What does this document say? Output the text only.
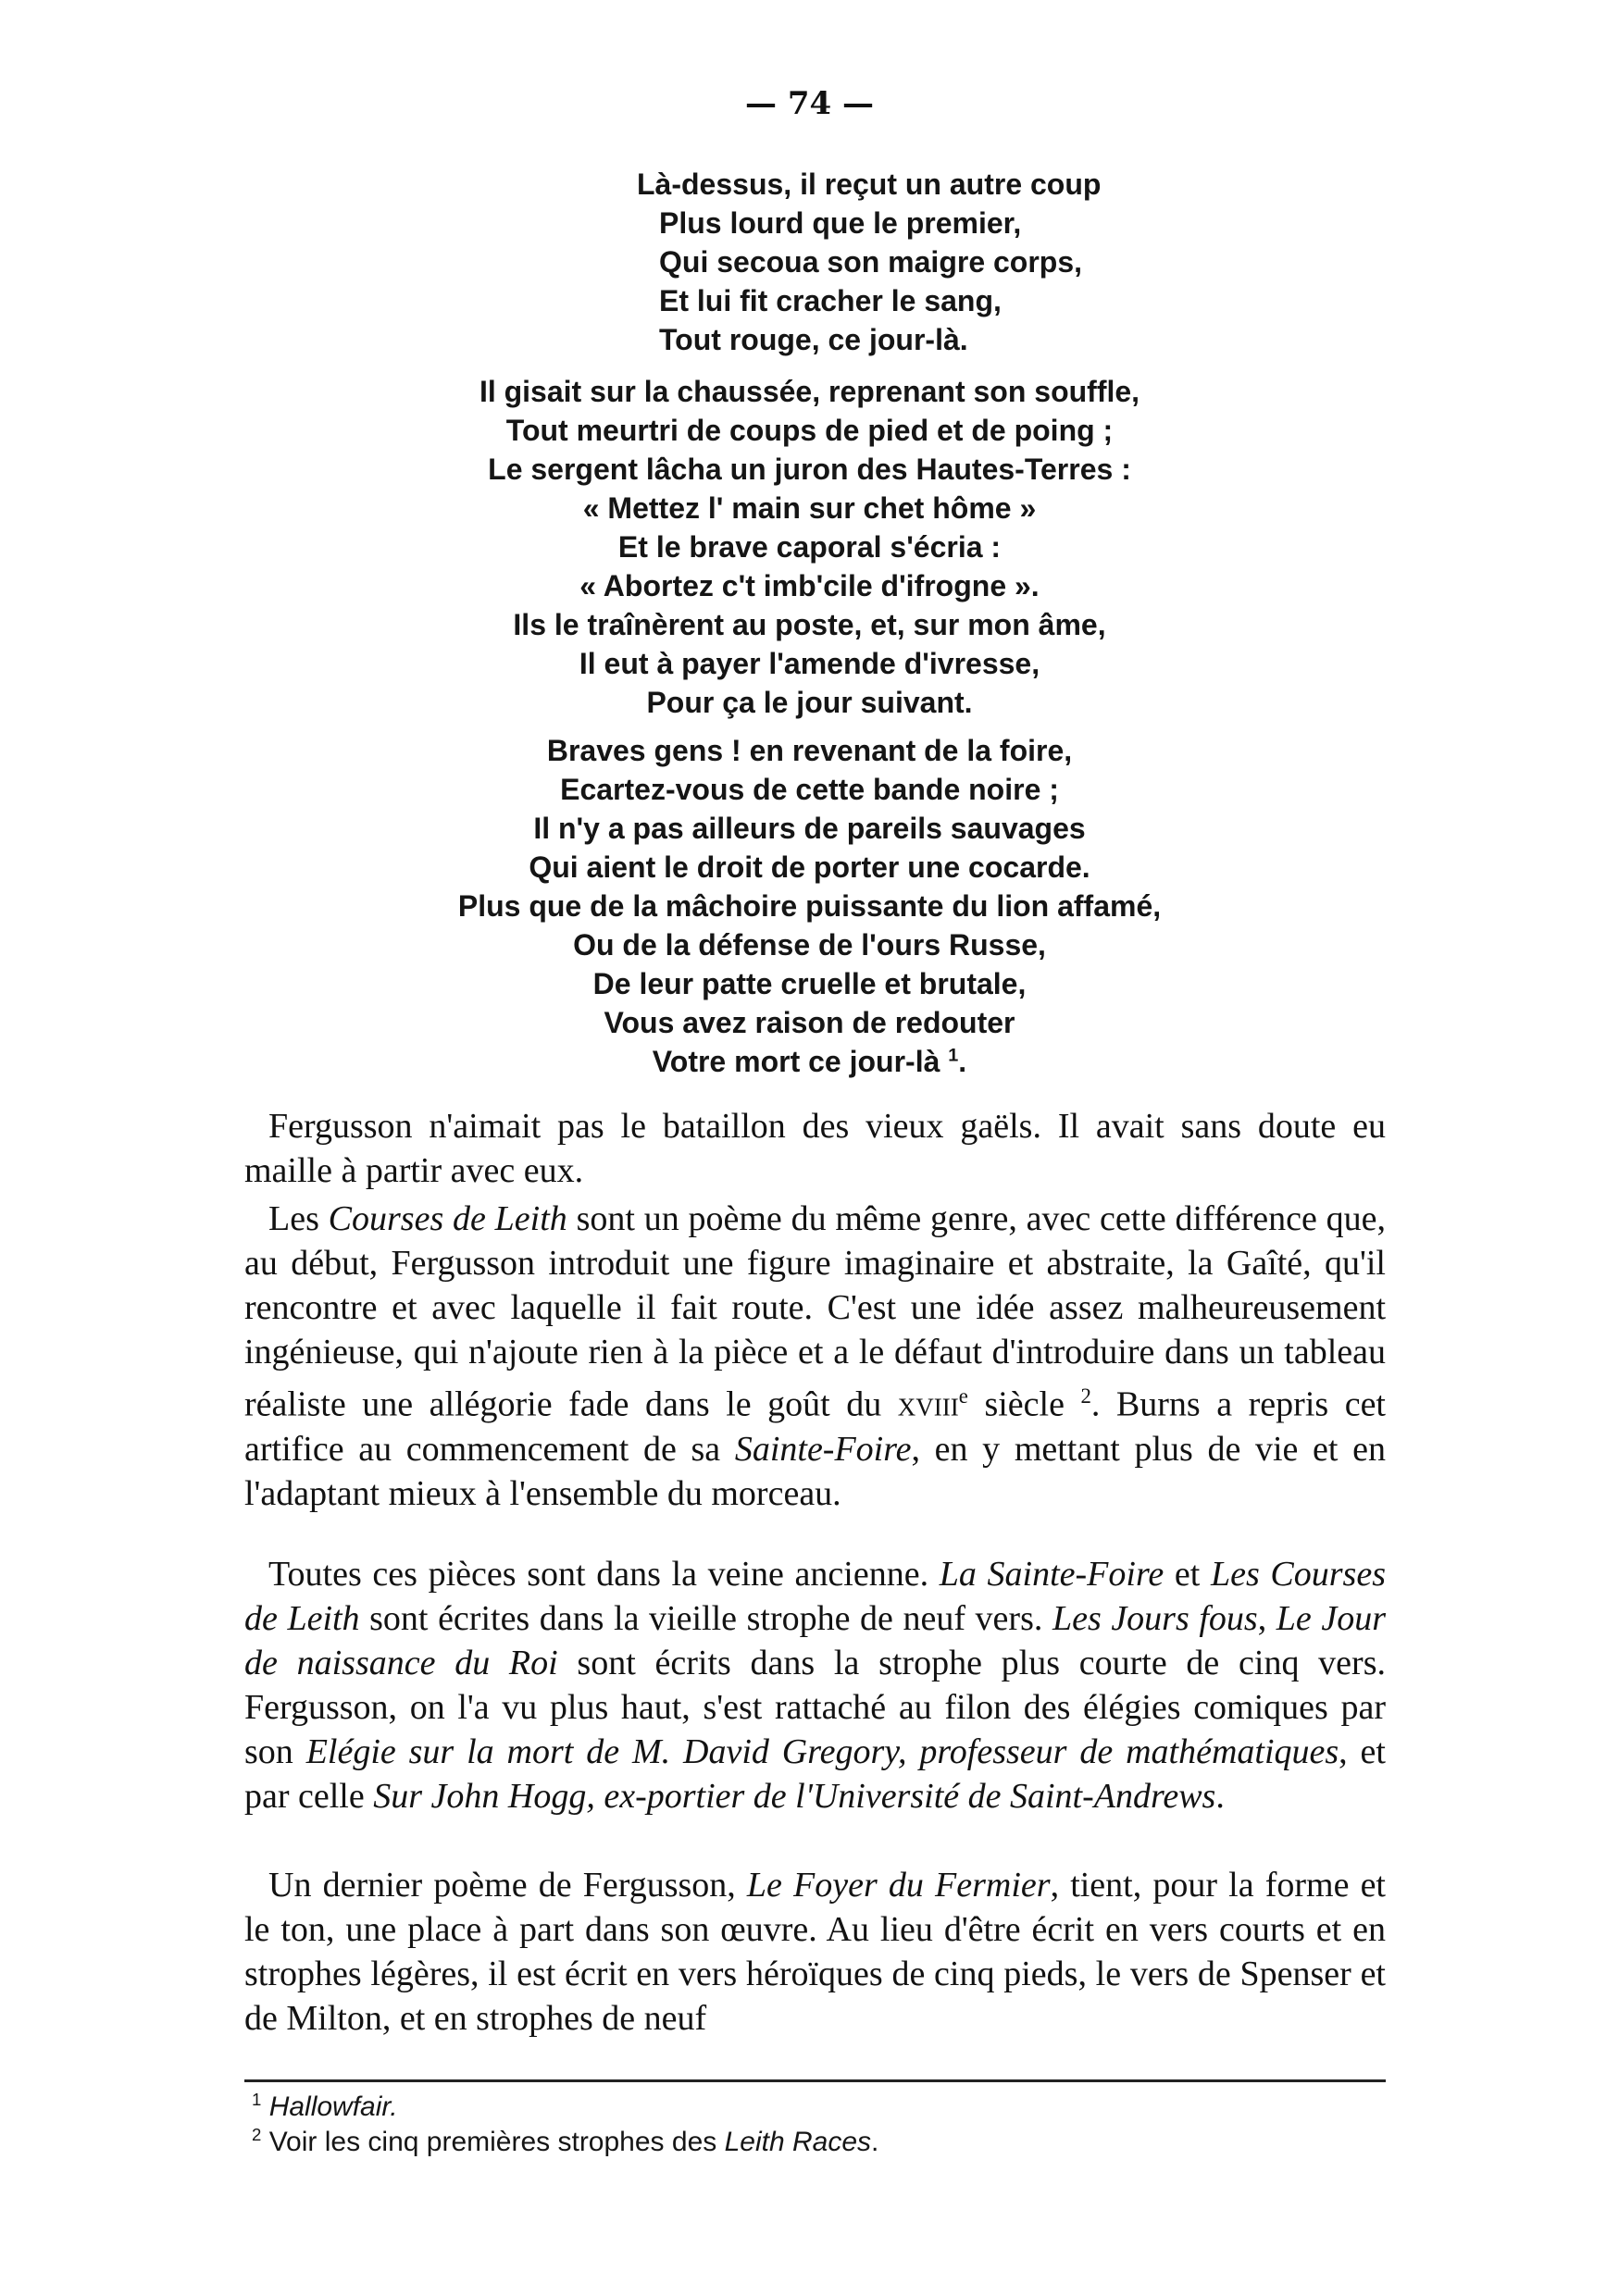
— 74 —
Là-dessus, il reçut un autre coup
Plus lourd que le premier,
Qui secoua son maigre corps,
Et lui fit cracher le sang,
Tout rouge, ce jour-là.
Il gisait sur la chaussée, reprenant son souffle,
Tout meurtri de coups de pied et de poing ;
Le sergent lâcha un juron des Hautes-Terres :
« Mettez l' main sur chet hôme »
Et le brave caporal s'écria :
« Abortez c't imb'cile d'ifrogne ».
Ils le traînèrent au poste, et, sur mon âme,
Il eut à payer l'amende d'ivresse,
Pour ça le jour suivant.
Braves gens ! en revenant de la foire,
Ecartez-vous de cette bande noire ;
Il n'y a pas ailleurs de pareils sauvages
Qui aient le droit de porter une cocarde.
Plus que de la mâchoire puissante du lion affamé,
Ou de la défense de l'ours Russe,
De leur patte cruelle et brutale,
Vous avez raison de redouter
Votre mort ce jour-là $^1$.

Fergusson n'aimait pas le bataillon des vieux gaëls. Il avait sans doute eu maille à partir avec eux.

Les Courses de Leith sont un poème du même genre, avec cette différence que, au début, Fergusson introduit une figure imaginaire et abstraite, la Gaîté, qu'il rencontre et avec laquelle il fait route. C'est une idée assez malheureusement ingénieuse, qui n'ajoute rien à la pièce et a le défaut d'introduire dans un tableau réaliste une allégorie fade dans le goût du xviii$^e$ siècle $^2$. Burns a repris cet artifice au commencement de sa Sainte-Foire, en y mettant plus de vie et en l'adaptant mieux à l'ensemble du morceau.

Toutes ces pièces sont dans la veine ancienne. La Sainte-Foire et Les Courses de Leith sont écrites dans la vieille strophe de neuf vers. Les Jours fous, Le Jour de naissance du Roi sont écrits dans la strophe plus courte de cinq vers. Fergusson, on l'a vu plus haut, s'est rattaché au filon des élégies comiques par son Elégie sur la mort de M. David Gregory, professeur de mathématiques, et par celle Sur John Hogg, ex-portier de l'Université de Saint-Andrews.

Un dernier poème de Fergusson, Le Foyer du Fermier, tient, pour la forme et le ton, une place à part dans son œuvre. Au lieu d'être écrit en vers courts et en strophes légères, il est écrit en vers héroïques de cinq pieds, le vers de Spenser et de Milton, et en strophes de neuf

$^1$ Hallowfair.

$^2$ Voir les cinq premières strophes des Leith Races.
